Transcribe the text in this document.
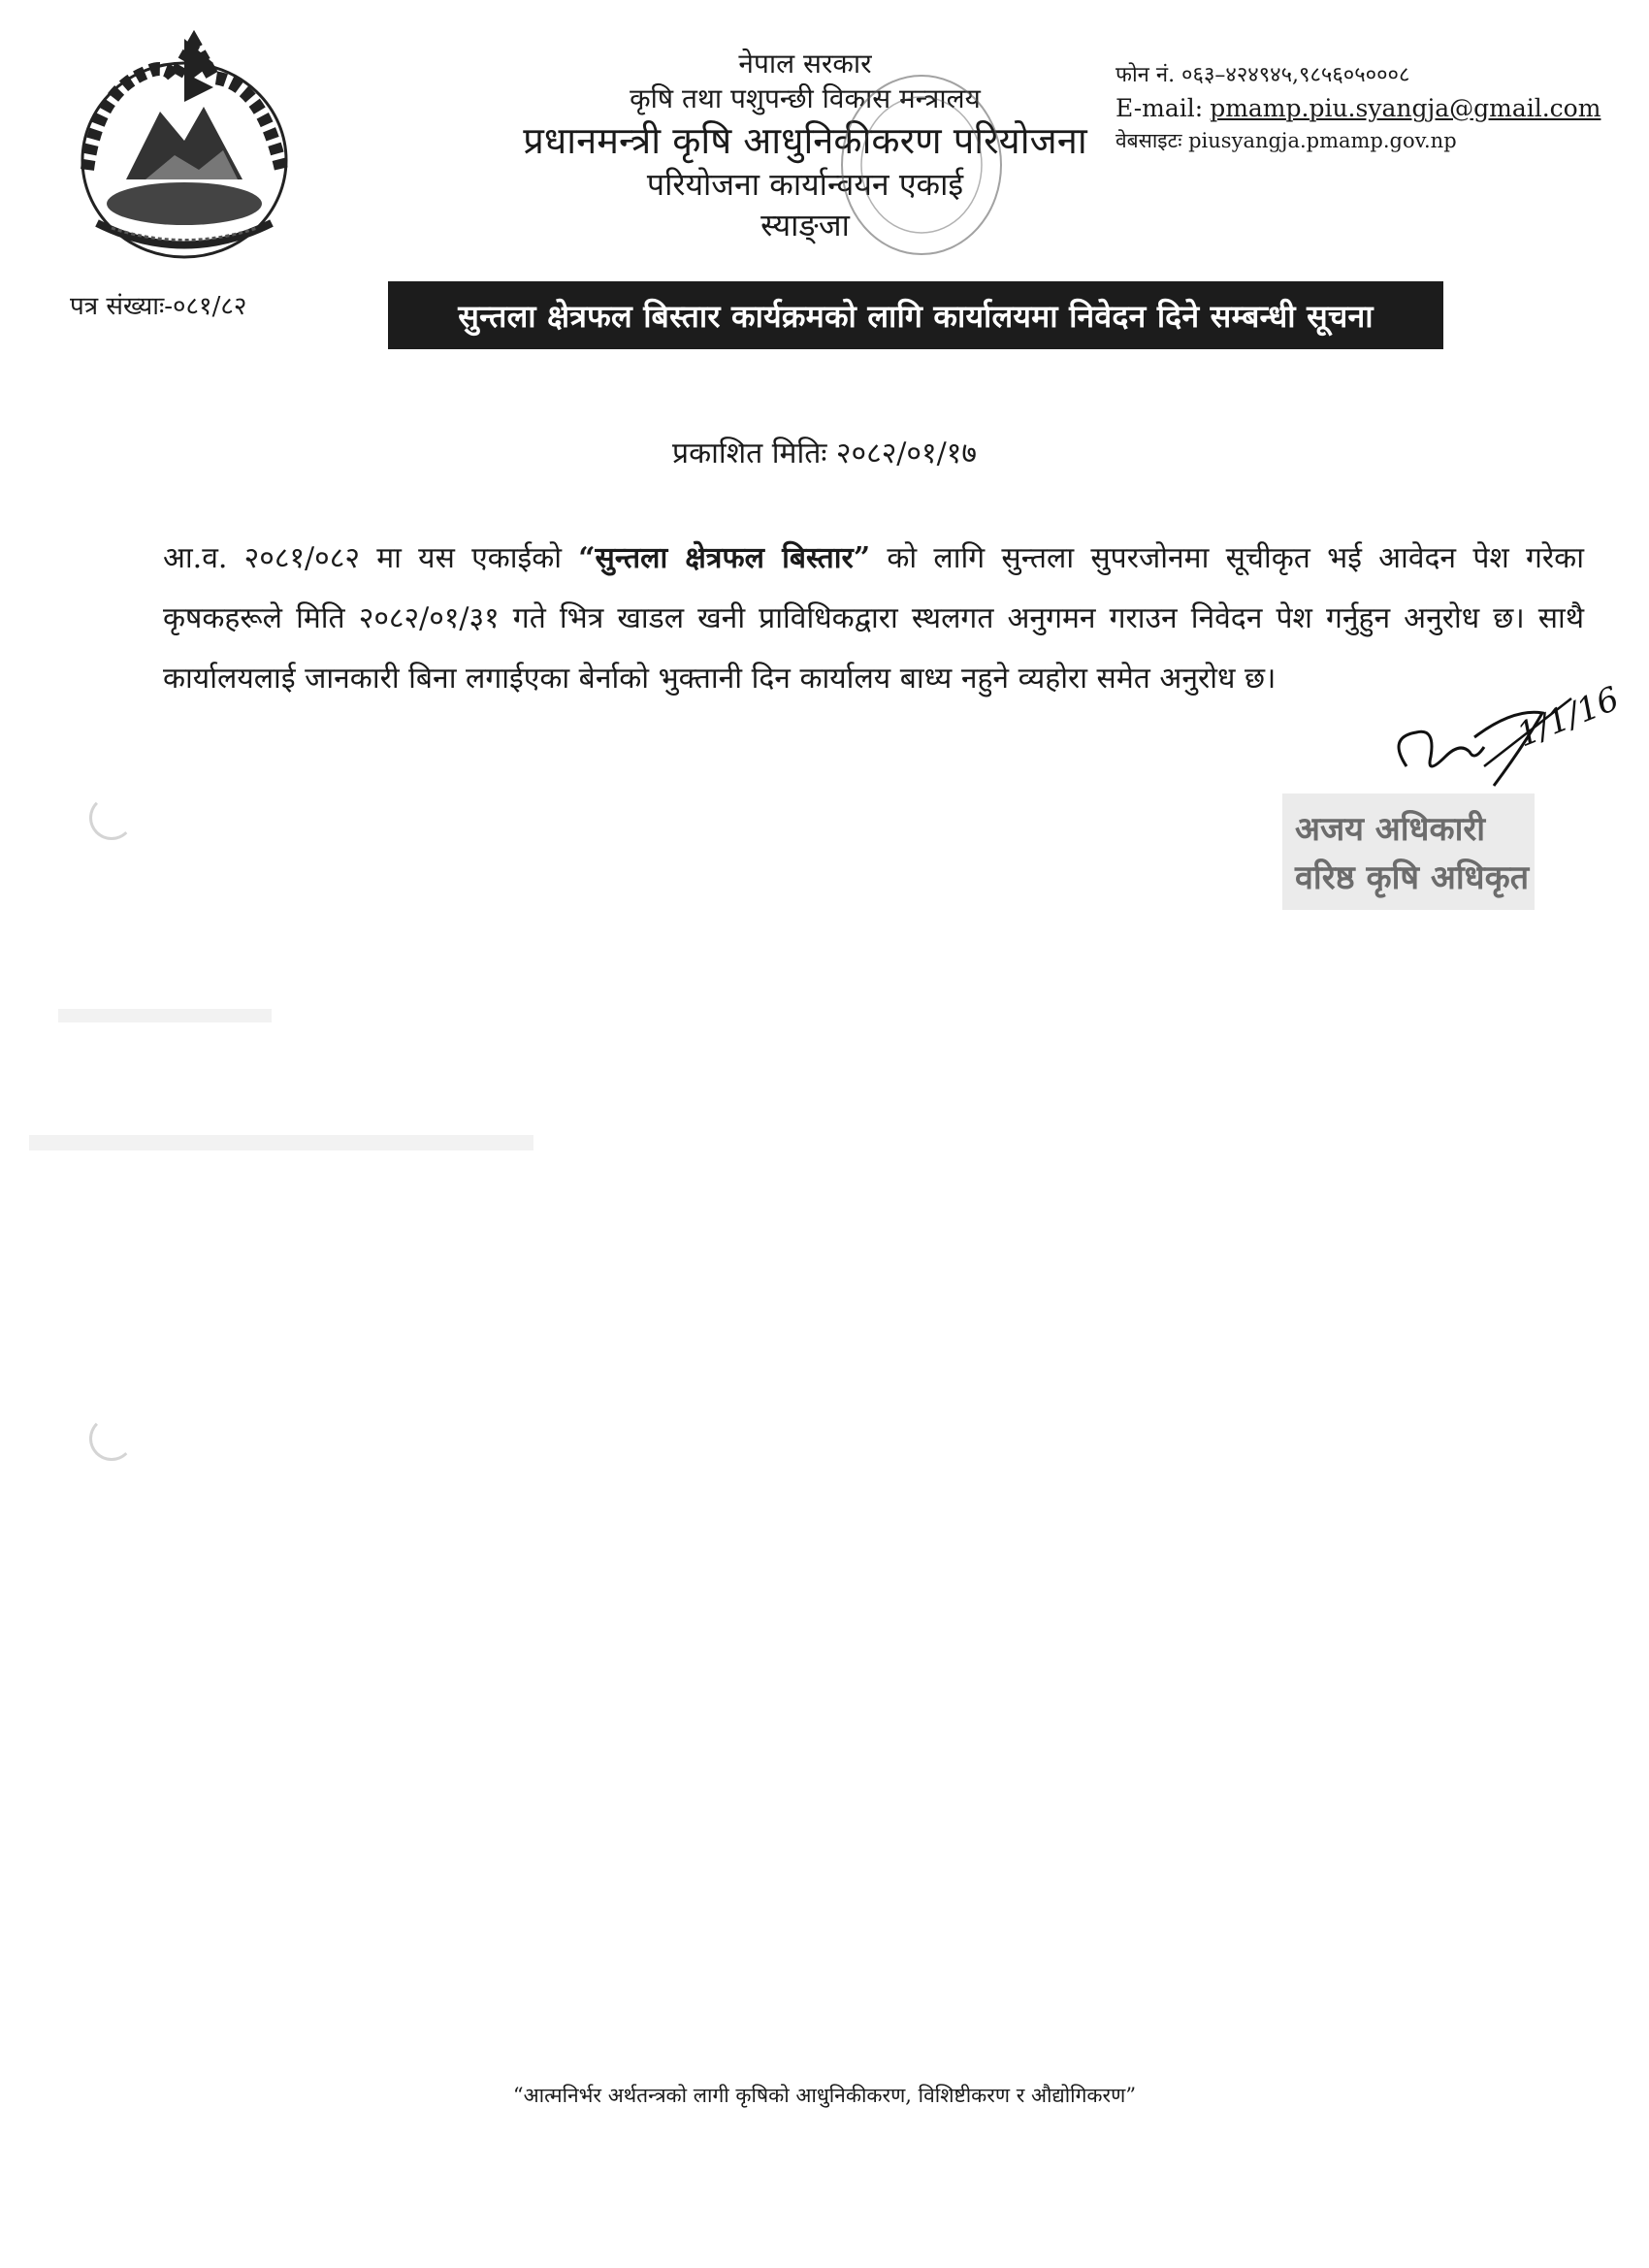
नेपाल सरकार
कृषि तथा पशुपन्छी विकास मन्त्रालय
प्रधानमन्त्री कृषि आधुनिकीकरण परियोजना
परियोजना कार्यान्वयन एकाई
स्याङ्जा
फोन नं. ०६३–४२४९४५,९८५६०५०००८
E-mail: pmamp.piu.syangja@gmail.com
वेबसाइटः piusyangja.pmamp.gov.np
पत्र संख्याः-०८१/८२	सुन्तला क्षेत्रफल बिस्तार कार्यक्रमको लागि कार्यालयमा निवेदन दिने सम्बन्धी सूचना
प्रकाशित मितिः २०८२/०१/१७
आ.व. २०८१/०८२ मा यस एकाईको “सुन्तला क्षेत्रफल बिस्तार” को लागि सुन्तला सुपरजोनमा सूचीकृत भई आवेदन पेश गरेका कृषकहरूले मिति २०८२/०१/३१ गते भित्र खाडल खनी प्राविधिकद्वारा स्थलगत अनुगमन गराउन निवेदन पेश गर्नुहुन अनुरोध छ। साथै कार्यालयलाई जानकारी बिना लगाईएका बेर्नाको भुक्तानी दिन कार्यालय बाध्य नहुने व्यहोरा समेत अनुरोध छ।
अजय अधिकारी
वरिष्ठ कृषि अधिकृत
1/1/16
“आत्मनिर्भर अर्थतन्त्रको लागी कृषिको आधुनिकीकरण, विशिष्टीकरण र औद्योगिकरण”
